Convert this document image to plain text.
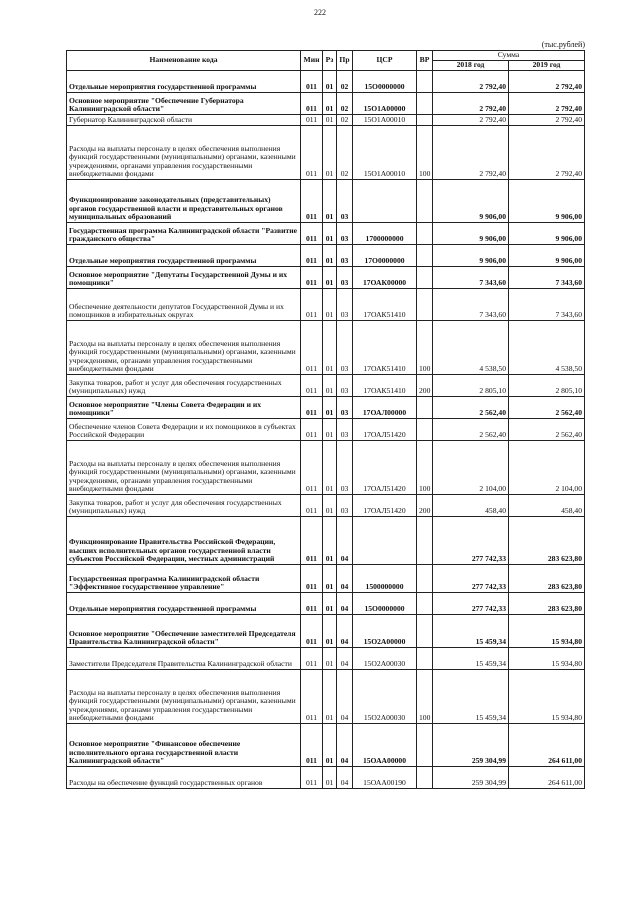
222
(тыс.рублей)
Наименование кода	Мин	Рз	Пр	ЦСР	ВР	Сумма	
						2018 год	2019 год
Отдельные мероприятия государственной программы	011	01	02	15О0000000		2 792,40	2 792,40
Основное мероприятие "Обеспечение Губернатора Калининградской области"	011	01	02	15О1А00000		2 792,40	2 792,40
Губернатор Калининградской области	011	01	02	15О1А00010		2 792,40	2 792,40
Расходы на выплаты персоналу в целях обеспечения выполнения функций государственными (муниципальными) органами, казенными учреждениями, органами управления государственными внебюджетными фондами	011	01	02	15О1А00010	100	2 792,40	2 792,40
Функционирование законодательных (представительных) органов государственной власти и представительных органов муниципальных образований	011	01	03			9 906,00	9 906,00
Государственная программа Калининградской области "Развитие гражданского общества"	011	01	03	1700000000		9 906,00	9 906,00
Отдельные мероприятия государственной программы	011	01	03	17О0000000		9 906,00	9 906,00
Основное мероприятие "Депутаты Государственной Думы и их помощники"	011	01	03	17ОАК00000		7 343,60	7 343,60
Обеспечение деятельности депутатов Государственной Думы и их помощников в избирательных округах	011	01	03	17ОАК51410		7 343,60	7 343,60
Расходы на выплаты персоналу в целях обеспечения выполнения функций государственными (муниципальными) органами, казенными учреждениями, органами управления государственными внебюджетными фондами	011	01	03	17ОАК51410	100	4 538,50	4 538,50
Закупка товаров, работ и услуг для обеспечения государственных (муниципальных) нужд	011	01	03	17ОАК51410	200	2 805,10	2 805,10
Основное мероприятие "Члены Совета Федерации и их помощники"	011	01	03	17ОАЛ00000		2 562,40	2 562,40
Обеспечение членов Совета Федерации и их помощников в субъектах Российской Федерации	011	01	03	17ОАЛ51420		2 562,40	2 562,40
Расходы на выплаты персоналу в целях обеспечения выполнения функций государственными (муниципальными) органами, казенными учреждениями, органами управления государственными внебюджетными фондами	011	01	03	17ОАЛ51420	100	2 104,00	2 104,00
Закупка товаров, работ и услуг для обеспечения государственных (муниципальных) нужд	011	01	03	17ОАЛ51420	200	458,40	458,40
Функционирование Правительства Российской Федерации, высших исполнительных органов государственной власти субъектов Российской Федерации, местных администраций	011	01	04			277 742,33	283 623,80
Государственная программа Калининградской области "Эффективное государственное управление"	011	01	04	1500000000		277 742,33	283 623,80
Отдельные мероприятия государственной программы	011	01	04	15О0000000		277 742,33	283 623,80
Основное мероприятие "Обеспечение заместителей Председателя Правительства Калининградской области"	011	01	04	15О2А00000		15 459,34	15 934,80
Заместители Председателя Правительства Калининградской области	011	01	04	15О2А00030		15 459,34	15 934,80
Расходы на выплаты персоналу в целях обеспечения выполнения функций государственными (муниципальными) органами, казенными учреждениями, органами управления государственными внебюджетными фондами	011	01	04	15О2А00030	100	15 459,34	15 934,80
Основное мероприятие "Финансовое обеспечение исполнительного органа государственной власти Калининградской области"	011	01	04	15ОАА00000		259 304,99	264 611,00
Расходы на обеспечение функций государственных органов	011	01	04	15ОАА00190		259 304,99	264 611,00
